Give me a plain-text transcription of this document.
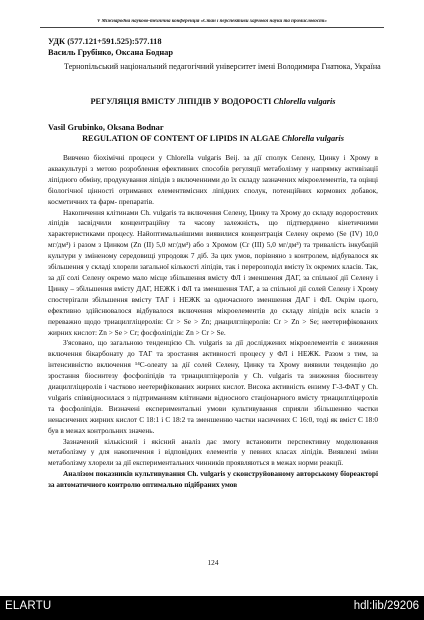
V Міжнародна науково-технічна конференція «Стан і перспективи харчової науки та промисловості»
УДК (577.121+591.525):577.118
Василь Грубінко, Оксана Боднар
Тернопільський національний педагогічний університет імені Володимира Гнатюка, Україна
РЕГУЛЯЦІЯ ВМІСТУ ЛІПІДІВ У ВОДОРОСТІ Chlorella vulgaris
Vasil Grubinko, Oksana Bodnar
REGULATION OF CONTENT OF LIPIDS IN ALGAE Chlorella vulgaris

Вивчено біохімічні процеси у Chlorella vulgaris Beij. за дії сполук Селену, Цинку і Хрому в аквакультурі з метою розроблення ефективних способів регуляції метаболізму у напрямку активізації ліпідного обміну, продукування ліпідів з включенними до їх складу зазначених мікроелементів, та оцінці біологічної цінності отриманих елементвмісних ліпідних сполук, потенційних кормових добавок, косметичних та фарм- препаратів.

Накопичення клітинами Ch. vulgaris та включення Селену, Цинку та Хрому до складу водоростевих ліпідів засвідчили концентраційну та часову залежність, що підтверджено кінетичними характеристиками процесу. Найоптимальнішими виявилися концентрація Селену окремо (Se (IV) 10,0 мг/дм³) і разом з Цинком (Zn (II) 5,0 мг/дм³) або з Хромом (Cr (III) 5,0 мг/дм³) та тривалість інкубацій культури у зміненому середовищі упродовж 7 діб. За цих умов, порівняно з контролем, відбувалося як збільшення у складі хлорели загальної кількості ліпідів, так і перерозподіл вмісту їх окремих класів. Так, за дії солі Селену окремо мало місце збільшення вмісту ФЛ і зменшення ДАГ, за спільної дії Селену і Цинку – збільшення вмісту ДАГ, НЕЖК і ФЛ та зменшення ТАГ, а за спільної дії солей Селену і Хрому спостерігали збільшення вмісту ТАГ і НЕЖК за одночасного зменшення ДАГ і ФЛ. Окрім цього, ефективно здійснювалося відбувалося включення мікроелементів до складу ліпідів всіх класів з переважно щодо триацилгліцеролів: Cr > Se > Zn; диацилгліцеролів: Cr > Zn > Se; неетерифікованих жирних кислот: Zn > Se > Cr; фосфоліпідів: Zn > Cr > Se.

З'ясовано, що загальною тенденцією Ch. vulgaris за дії досліджених мікроелементів є зниження включення бікарбонату до ТАГ та зростання активності процесу у ФЛ і НЕЖК. Разом з тим, за інтенсивністю включення ¹⁴C-олеату за дії солей Селену, Цинку та Хрому виявили тенденцію до зростання біосинтезу фосфоліпідів та триацилгліцеролів у Ch. vulgaris та зниження біосинтезу диацилгліцеролів і частково неетерифікованих жирних кислот. Висока активність ензиму Г-3-ФАТ у Ch. vulgaris співвідносилася з підтриманням клітинами відносного стаціонарного вмісту триацилгліцеролів та фосфоліпідів. Визначені експериментальні умови культивування сприяли збільшенню частки ненасичених жирних кислот С 18:1 і С 18:2 та зменшенню частки насичених С 16:0, тоді як вміст С 18:0 був в межах контрольних значень.

Зазначений кількісний і якісний аналіз дає змогу встановити перспективну моделювання метаболізму у для накопичення і відповідних елементів у певних класах ліпідів. Виявлені зміни метаболізму хлорели за дії експериментальних чинників проявляються в межах норми реакції.

Аналізом показників культивування Ch. vulgaris у сконструйованому авторському біореакторі за автоматичного контролю оптимально підібраних умов

124
ELARTU	hdl:lib/29206
